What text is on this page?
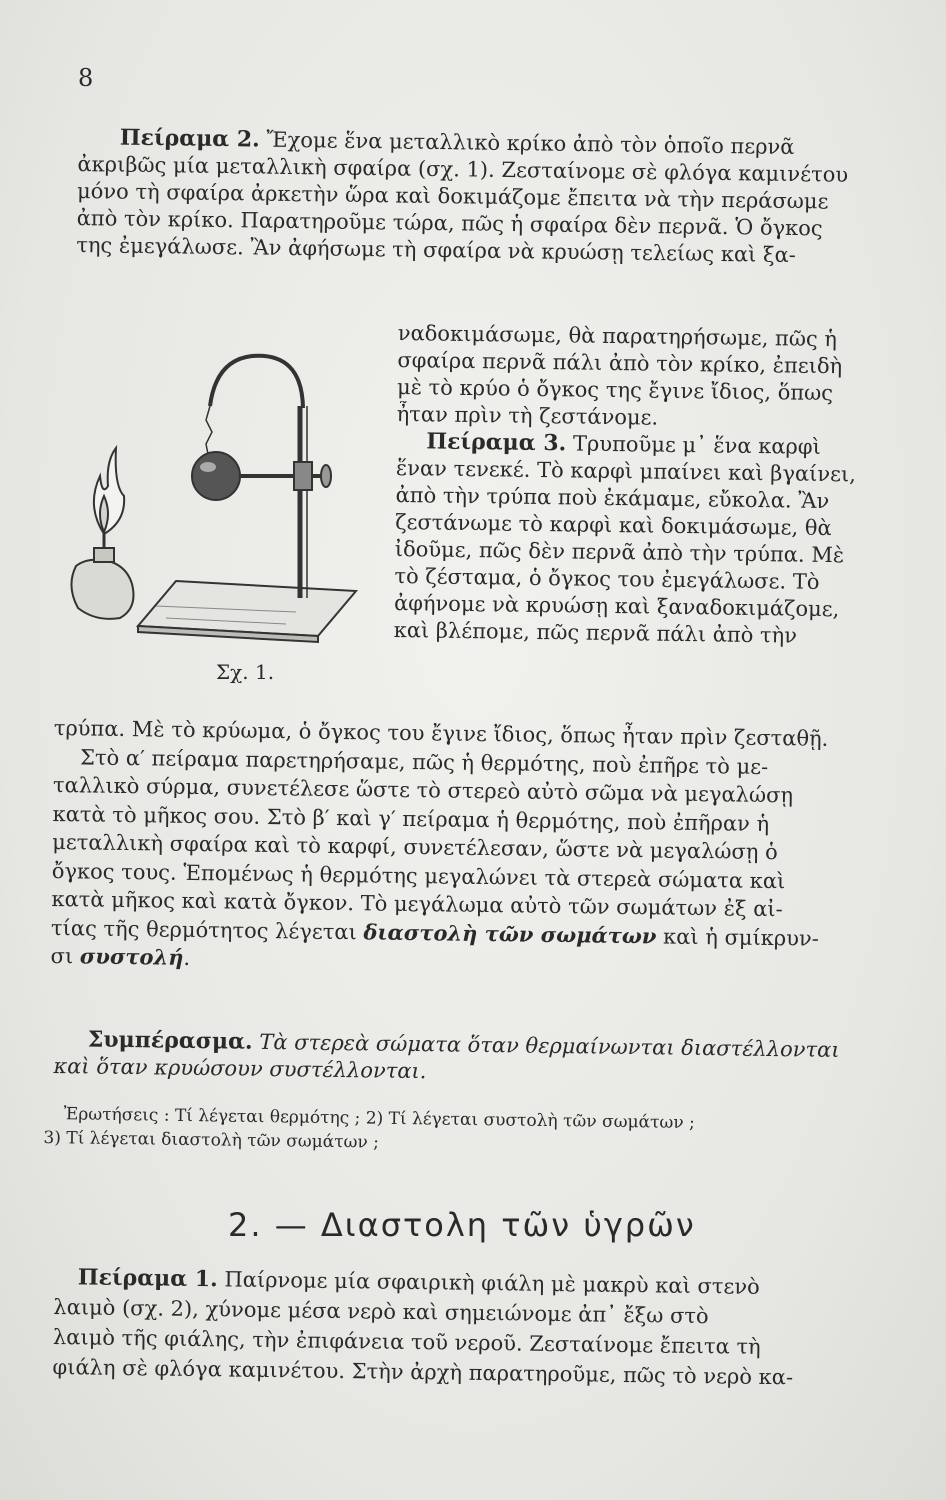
8
Πείραμα 2. Ἔχομε ἕνα μεταλλικὸ κρίκο ἀπὸ τὸν ὁποῖο περνᾶ
ἀκριβῶς μία μεταλλικὴ σφαίρα (σχ. 1). Ζεσταίνομε σὲ φλόγα καμινέτου
μόνο τὴ σφαίρα ἀρκετὴν ὥρα καὶ δοκιμάζομε ἔπειτα νὰ τὴν περάσωμε
ἀπὸ τὸν κρίκο. Παρατηροῦμε τώρα, πῶς ἡ σφαίρα δὲν περνᾶ. Ὁ ὄγκος
της ἐμεγάλωσε. Ἂν ἀφήσωμε τὴ σφαίρα νὰ κρυώσῃ τελείως καὶ ξα-
ναδοκιμάσωμε, θὰ παρατηρήσωμε, πῶς ἡ
σφαίρα περνᾶ πάλι ἀπὸ τὸν κρίκο, ἐπειδὴ
μὲ τὸ κρύο ὁ ὄγκος της ἔγινε ἴδιος, ὅπως
ἦταν πρὶν τὴ ζεστάνομε.
Πείραμα 3. Τρυποῦμε μ᾽ ἕνα καρφὶ
ἕναν τενεκέ. Τὸ καρφὶ μπαίνει καὶ βγαίνει,
ἀπὸ τὴν τρύπα ποὺ ἐκάμαμε, εὔκολα. Ἂν
ζεστάνωμε τὸ καρφὶ καὶ δοκιμάσωμε, θὰ
ἰδοῦμε, πῶς δὲν περνᾶ ἀπὸ τὴν τρύπα. Μὲ
τὸ ζέσταμα, ὁ ὄγκος του ἐμεγάλωσε. Τὸ
ἀφήνομε νὰ κρυώσῃ καὶ ξαναδοκιμάζομε,
καὶ βλέπομε, πῶς περνᾶ πάλι ἀπὸ τὴν
Σχ. 1.
τρύπα. Μὲ τὸ κρύωμα, ὁ ὄγκος του ἔγινε ἴδιος, ὅπως ἦταν πρὶν ζεσταθῇ.
Στὸ α′ πείραμα παρετηρήσαμε, πῶς ἡ θερμότης, ποὺ ἐπῆρε τὸ με-
ταλλικὸ σύρμα, συνετέλεσε ὥστε τὸ στερεὸ αὐτὸ σῶμα νὰ μεγαλώσῃ
κατὰ τὸ μῆκος σου. Στὸ β′ καὶ γ′ πείραμα ἡ θερμότης, ποὺ ἐπῆραν ἡ
μεταλλικὴ σφαίρα καὶ τὸ καρφί, συνετέλεσαν, ὥστε νὰ μεγαλώσῃ ὁ
ὄγκος τους. Ἑπομένως ἡ θερμότης μεγαλώνει τὰ στερεὰ σώματα καὶ
κατὰ μῆκος καὶ κατὰ ὄγκον. Τὸ μεγάλωμα αὐτὸ τῶν σωμάτων ἐξ αἰ-
τίας τῆς θερμότητος λέγεται διαστολὴ τῶν σωμάτων καὶ ἡ σμίκρυν-
σι συστολή.
Συμπέρασμα. Τὰ στερεὰ σώματα ὅταν θερμαίνωνται διαστέλλονται
καὶ ὅταν κρυώσουν συστέλλονται.
Ἐρωτήσεις : Τί λέγεται θερμότης ; 2) Τί λέγεται συστολὴ τῶν σωμάτων ;
3) Τί λέγεται διαστολὴ τῶν σωμάτων ;
2. — Διαστολη τῶν ὑγρῶν
Πείραμα 1. Παίρνομε μία σφαιρικὴ φιάλη μὲ μακρὺ καὶ στενὸ
λαιμὸ (σχ. 2), χύνομε μέσα νερὸ καὶ σημειώνομε ἀπ᾽ ἔξω στὸ
λαιμὸ τῆς φιάλης, τὴν ἐπιφάνεια τοῦ νεροῦ. Ζεσταίνομε ἔπειτα τὴ
φιάλη σὲ φλόγα καμινέτου. Στὴν ἀρχὴ παρατηροῦμε, πῶς τὸ νερὸ κα-
